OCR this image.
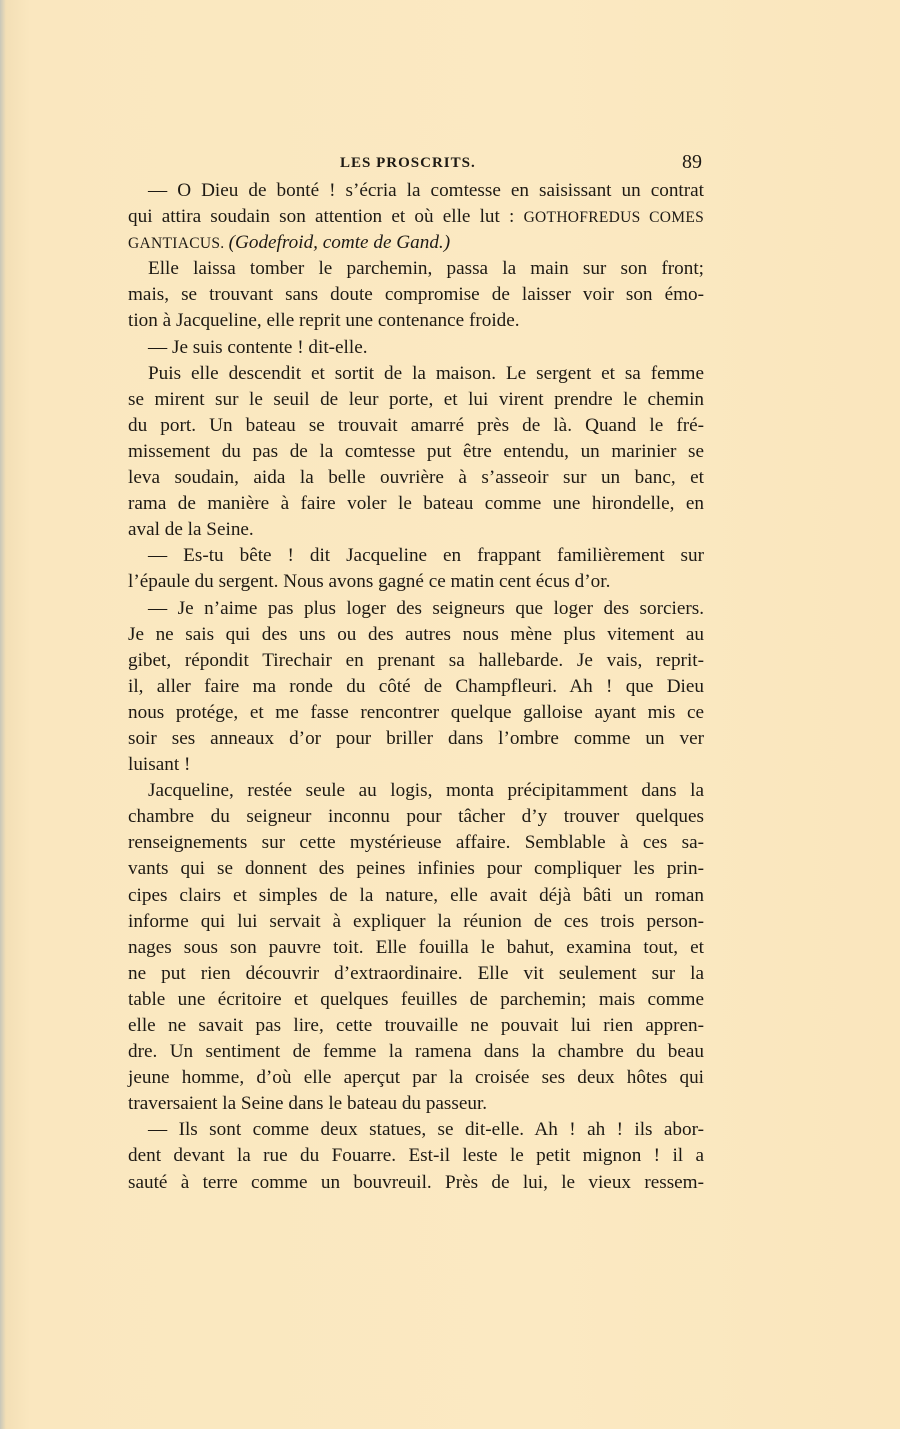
LES PROSCRITS.	89
— O Dieu de bonté ! s’écria la comtesse en saisissant un contrat
qui attira soudain son attention et où elle lut : GOTHOFREDUS COMES
GANTIACUS. (Godefroid, comte de Gand.)
Elle laissa tomber le parchemin, passa la main sur son front;
mais, se trouvant sans doute compromise de laisser voir son émo-
tion à Jacqueline, elle reprit une contenance froide.
— Je suis contente ! dit-elle.
Puis elle descendit et sortit de la maison. Le sergent et sa femme
se mirent sur le seuil de leur porte, et lui virent prendre le chemin
du port. Un bateau se trouvait amarré près de là. Quand le fré-
missement du pas de la comtesse put être entendu, un marinier se
leva soudain, aida la belle ouvrière à s’asseoir sur un banc, et
rama de manière à faire voler le bateau comme une hirondelle, en
aval de la Seine.
— Es-tu bête ! dit Jacqueline en frappant familièrement sur
l’épaule du sergent. Nous avons gagné ce matin cent écus d’or.
— Je n’aime pas plus loger des seigneurs que loger des sorciers.
Je ne sais qui des uns ou des autres nous mène plus vitement au
gibet, répondit Tirechair en prenant sa hallebarde. Je vais, reprit-
il, aller faire ma ronde du côté de Champfleuri. Ah ! que Dieu
nous protége, et me fasse rencontrer quelque galloise ayant mis ce
soir ses anneaux d’or pour briller dans l’ombre comme un ver
luisant !
Jacqueline, restée seule au logis, monta précipitamment dans la
chambre du seigneur inconnu pour tâcher d’y trouver quelques
renseignements sur cette mystérieuse affaire. Semblable à ces sa-
vants qui se donnent des peines infinies pour compliquer les prin-
cipes clairs et simples de la nature, elle avait déjà bâti un roman
informe qui lui servait à expliquer la réunion de ces trois person-
nages sous son pauvre toit. Elle fouilla le bahut, examina tout, et
ne put rien découvrir d’extraordinaire. Elle vit seulement sur la
table une écritoire et quelques feuilles de parchemin; mais comme
elle ne savait pas lire, cette trouvaille ne pouvait lui rien appren-
dre. Un sentiment de femme la ramena dans la chambre du beau
jeune homme, d’où elle aperçut par la croisée ses deux hôtes qui
traversaient la Seine dans le bateau du passeur.
— Ils sont comme deux statues, se dit-elle. Ah ! ah ! ils abor-
dent devant la rue du Fouarre. Est-il leste le petit mignon ! il a
sauté à terre comme un bouvreuil. Près de lui, le vieux ressem-
